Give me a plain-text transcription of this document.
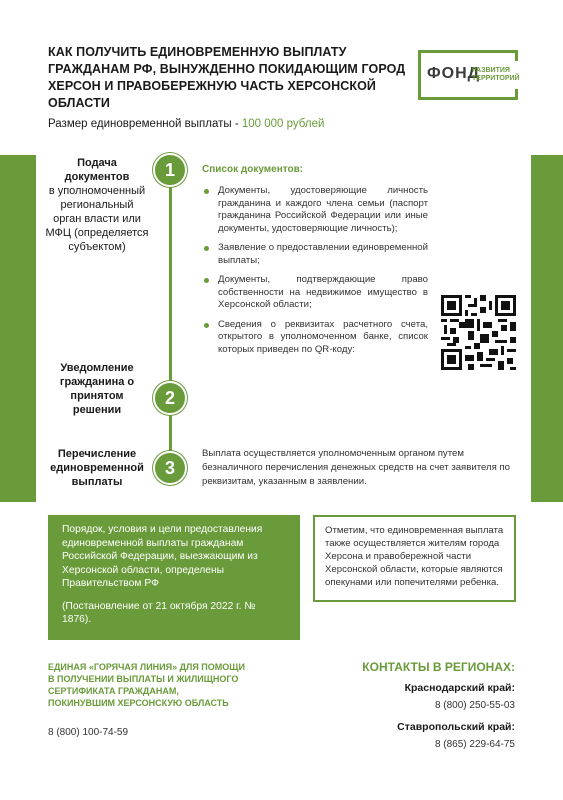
КАК ПОЛУЧИТЬ ЕДИНОВРЕМЕННУЮ ВЫПЛАТУ ГРАЖДАНАМ РФ, ВЫНУЖДЕННО ПОКИДАЮЩИМ ГОРОД ХЕРСОН И ПРАВОБЕРЕЖНУЮ ЧАСТЬ ХЕРСОНСКОЙ ОБЛАСТИ
ФОНД
РАЗВИТИЯ
ТЕРРИТОРИЙ
Размер единовременной выплаты - 100 000 рублей
1
2
3
Подача документов
в уполномоченный региональный орган власти или МФЦ (определяется субъектом)
Уведомление гражданина о принятом решении
Перечисление единовременной выплаты
Список документов:
Документы, удостоверяющие личность гражданина и каждого члена семьи (паспорт гражданина Российской Федерации или иные документы, удостоверяющие личность);
Заявление о предоставлении единовременной выплаты;
Документы, подтверждающие право собственности на недвижимое имущество в Херсонской области;
Сведения о реквизитах расчетного счета, открытого в уполномоченном банке, список которых приведен по QR-коду:
Выплата осуществляется уполномоченным органом путем безналичного перечисления денежных средств на счет заявителя по реквизитам, указанным в заявлении.
Порядок, условия и цели предоставления единовременной выплаты гражданам Российской Федерации, выезжающим из Херсонской области, определены Правительством РФ
(Постановление от 21 октября 2022 г. № 1876).
Отметим, что единовременная выплата также осуществляется жителям города Херсона и правобережной части Херсонской области, которые являются опекунами или попечителями ребенка.
ЕДИНАЯ «ГОРЯЧАЯ ЛИНИЯ» ДЛЯ ПОМОЩИ В ПОЛУЧЕНИИ ВЫПЛАТЫ И ЖИЛИЩНОГО СЕРТИФИКАТА ГРАЖДАНАМ, ПОКИНУВШИМ ХЕРСОНСКУЮ ОБЛАСТЬ
8 (800) 100-74-59
КОНТАКТЫ В РЕГИОНАХ:
Краснодарский край:
8 (800) 250-55-03
Ставропольский край:
8 (865) 229-64-75
